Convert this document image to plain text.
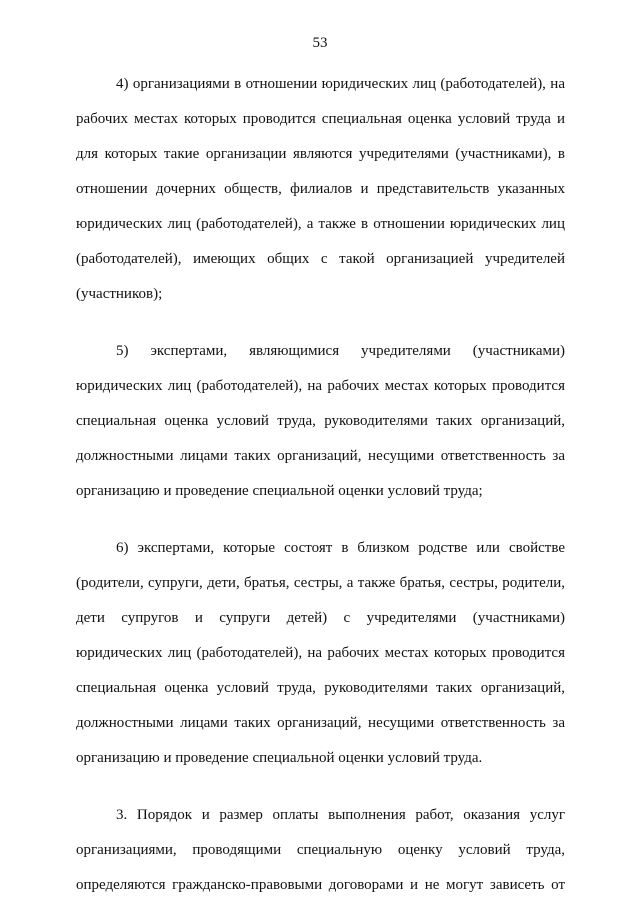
53
4) организациями в отношении юридических лиц (работодателей), на
рабочих местах которых проводится специальная оценка условий труда и
для которых такие организации являются учредителями (участниками), в
отношении дочерних обществ, филиалов и представительств указанных
юридических лиц (работодателей), а также в отношении юридических лиц
(работодателей), имеющих общих с такой организацией учредителей
(участников);
5) экспертами, являющимися учредителями (участниками)
юридических лиц (работодателей), на рабочих местах которых проводится
специальная оценка условий труда, руководителями таких организаций,
должностными лицами таких организаций, несущими ответственность за
организацию и проведение специальной оценки условий труда;
6) экспертами, которые состоят в близком родстве или свойстве
(родители, супруги, дети, братья, сестры, а также братья, сестры, родители,
дети супругов и супруги детей) с учредителями (участниками)
юридических лиц (работодателей), на рабочих местах которых проводится
специальная оценка условий труда, руководителями таких организаций,
должностными лицами таких организаций, несущими ответственность за
организацию и проведение специальной оценки условий труда.
3. Порядок и размер оплаты выполнения работ, оказания услуг
организациями, проводящими специальную оценку условий труда,
определяются гражданско-правовыми договорами и не могут зависеть от
